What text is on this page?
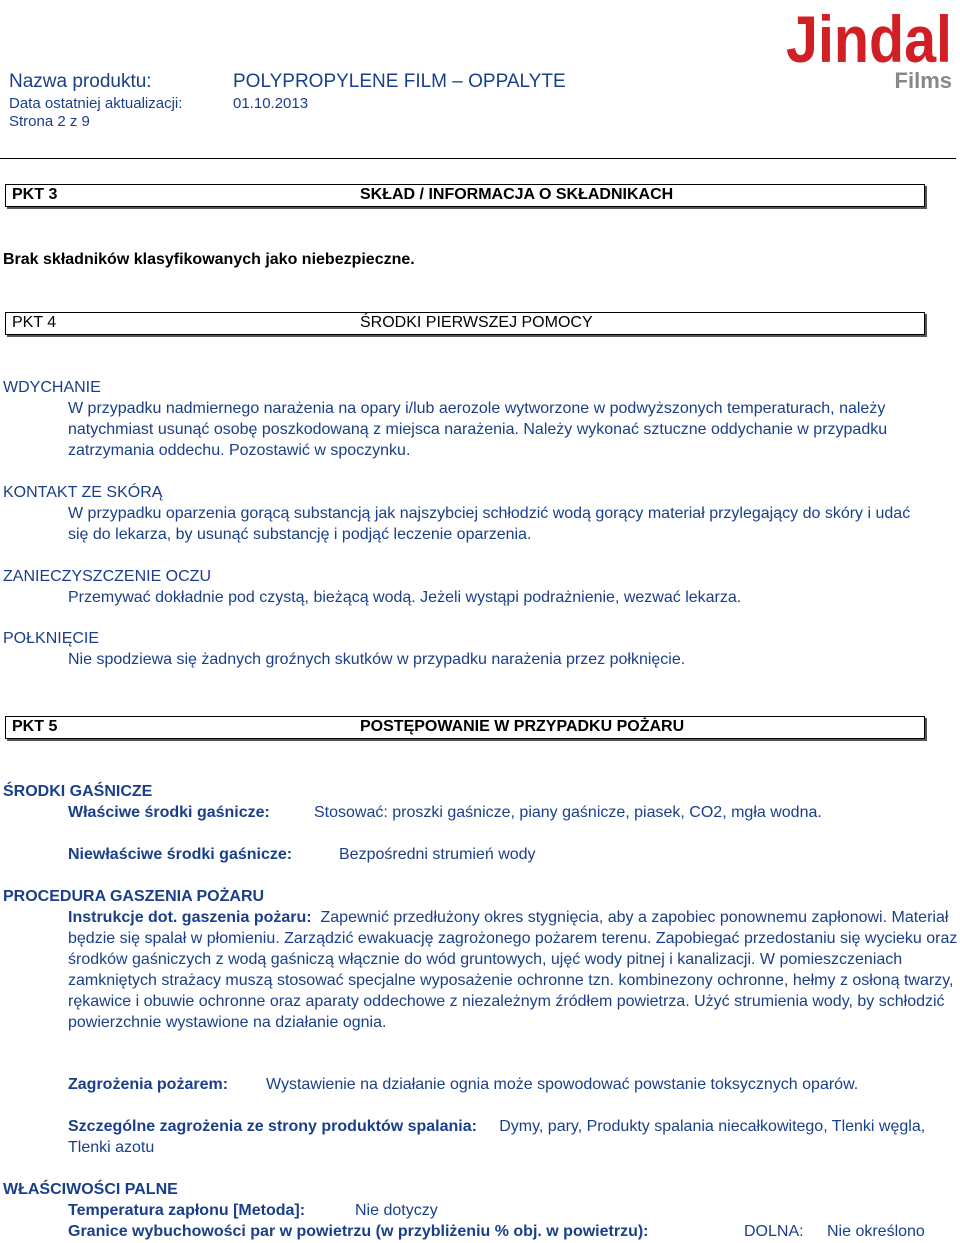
Nazwa produktu:	POLYPROPYLENE FILM – OPPALYTE
Data ostatniej aktualizacji:	01.10.2013
Strona 2 z 9
Jindal
Films
PKT 3	SKŁAD / INFORMACJA O SKŁADNIKACH
Brak składników klasyfikowanych jako niebezpieczne.
PKT 4	ŚRODKI PIERWSZEJ POMOCY
WDYCHANIE
W przypadku nadmiernego narażenia na opary i/lub aerozole wytworzone w podwyższonych temperaturach, należy natychmiast usunąć osobę poszkodowaną z miejsca narażenia. Należy wykonać sztuczne oddychanie w przypadku zatrzymania oddechu. Pozostawić w spoczynku.
KONTAKT ZE SKÓRĄ
W przypadku oparzenia gorącą substancją jak najszybciej schłodzić wodą gorący materiał przylegający do skóry i udać się do lekarza, by usunąć substancję i podjąć leczenie oparzenia.
ZANIECZYSZCZENIE OCZU
Przemywać dokładnie pod czystą, bieżącą wodą. Jeżeli wystąpi podrażnienie, wezwać lekarza.
POŁKNIĘCIE
Nie spodziewa się żadnych groźnych skutków w przypadku narażenia przez połknięcie.
PKT 5	POSTĘPOWANIE W PRZYPADKU POŻARU
ŚRODKI GAŚNICZE
Właściwe środki gaśnicze:	Stosować: proszki gaśnicze, piany gaśnicze, piasek, CO2, mgła wodna.
Niewłaściwe środki gaśnicze:	Bezpośredni strumień wody
PROCEDURA GASZENIA POŻARU
Instrukcje dot. gaszenia pożaru: Zapewnić przedłużony okres stygnięcia, aby a zapobiec ponownemu zapłonowi. Materiał będzie się spalał w płomieniu. Zarządzić ewakuację zagrożonego pożarem terenu. Zapobiegać przedostaniu się wycieku oraz środków gaśniczych z wodą gaśniczą włącznie do wód gruntowych, ujęć wody pitnej i kanalizacji. W pomieszczeniach zamkniętych strażacy muszą stosować specjalne wyposażenie ochronne tzn. kombinezony ochronne, hełmy z osłoną twarzy, rękawice i obuwie ochronne oraz aparaty oddechowe z niezależnym źródłem powietrza. Użyć strumienia wody, by schłodzić powierzchnie wystawione na działanie ognia.
Zagrożenia pożarem: Wystawienie na działanie ognia może spowodować powstanie toksycznych oparów.
Szczególne zagrożenia ze strony produktów spalania: Dymy, pary, Produkty spalania niecałkowitego, Tlenki węgla, Tlenki azotu
WŁAŚCIWOŚCI PALNE
Temperatura zapłonu [Metoda]:	Nie dotyczy
Granice wybuchowości par w powietrzu (w przybliżeniu % obj. w powietrzu):	DOLNA: Nie określono
